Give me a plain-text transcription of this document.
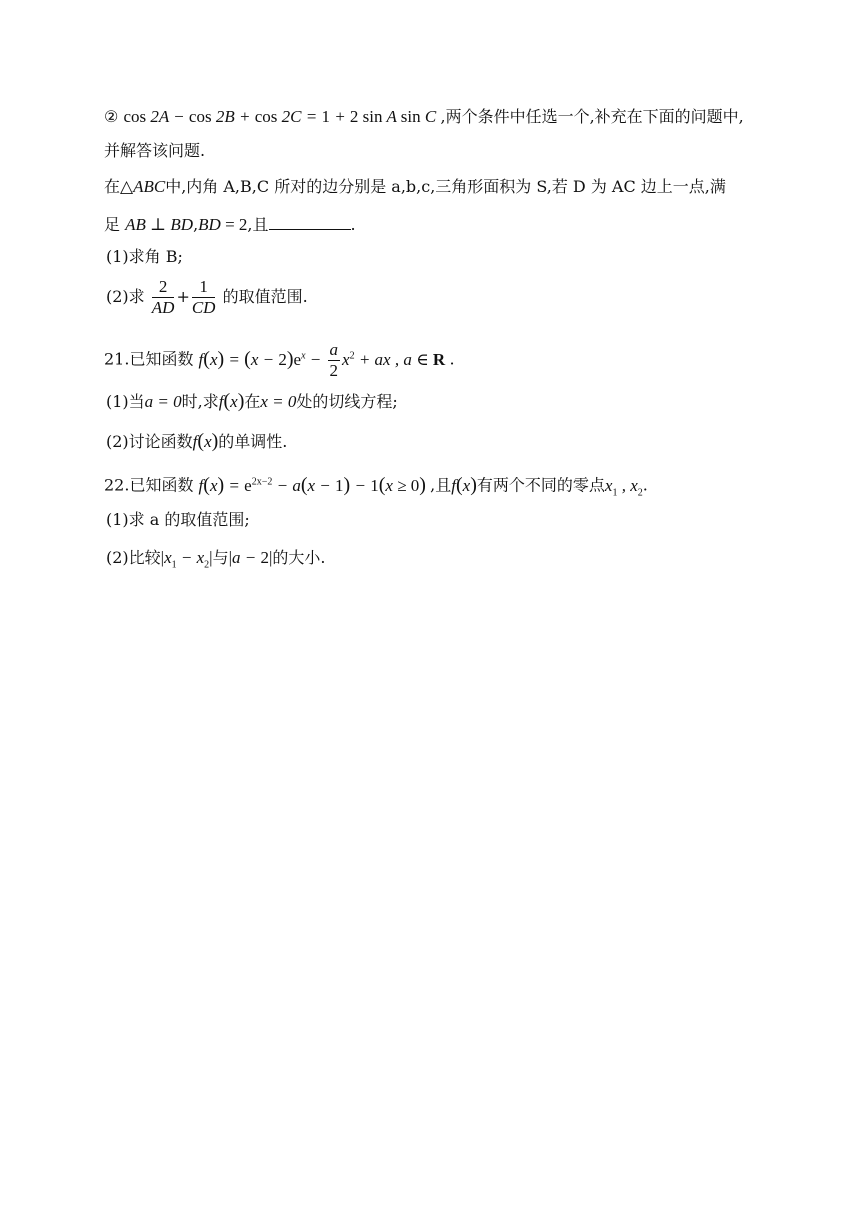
② cos 2A − cos 2B + cos 2C = 1 + 2 sin A sin C ,两个条件中任选一个,补充在下面的问题中,
并解答该问题.
在△ABC中,内角 A,B,C 所对的边分别是 a,b,c,三角形面积为 S,若 D 为 AC 边上一点,满
足 AB ⊥ BD,BD = 2,且	.
(1)求角 B;
(2)求 $\frac{2}{AD} + \frac{1}{CD}$ 的取值范围.
21.已知函数 $f(x) = (x - 2)e^x - \frac{a}{2} x^2$ + ax , a ∈ R .
(1)当a = 0时,求f(x)在x = 0处的切线方程;
(2)讨论函数f(x)的单调性.
22.已知函数 $f(x) = e^{2x-2} - a(x - 1) - 1(x \ge 0)$ ,且f(x)有两个不同的零点$x_1$ , $x_2$.
(1)求 a 的取值范围;
(2)比较$|x_1 - x_2|$与|a − 2|的大小.
